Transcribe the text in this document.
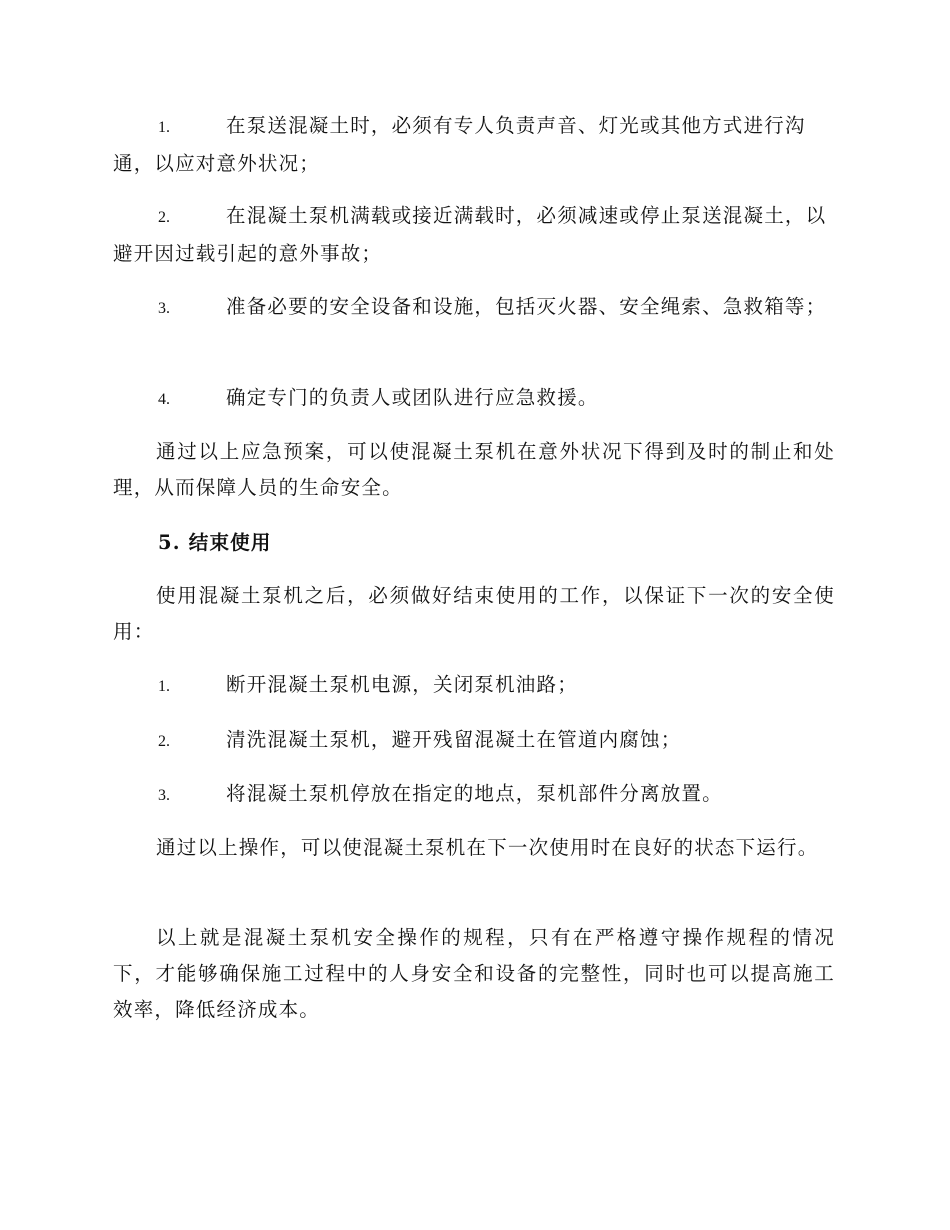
1.	在泵送混凝土时，必须有专人负责声音、灯光或其他方式进行沟通，以应对意外状况；

2.	在混凝土泵机满载或接近满载时，必须减速或停止泵送混凝土，以避开因过载引起的意外事故；

3.	准备必要的安全设备和设施，包括灭火器、安全绳索、急救箱等；

4.	确定专门的负责人或团队进行应急救援。

通过以上应急预案，可以使混凝土泵机在意外状况下得到及时的制止和处理，从而保障人员的生命安全。

5. 结束使用

使用混凝土泵机之后，必须做好结束使用的工作，以保证下一次的安全使用：

1.	断开混凝土泵机电源，关闭泵机油路；

2.	清洗混凝土泵机，避开残留混凝土在管道内腐蚀；

3.	将混凝土泵机停放在指定的地点，泵机部件分离放置。

通过以上操作，可以使混凝土泵机在下一次使用时在良好的状态下运行。

以上就是混凝土泵机安全操作的规程，只有在严格遵守操作规程的情况下，才能够确保施工过程中的人身安全和设备的完整性，同时也可以提高施工效率，降低经济成本。
